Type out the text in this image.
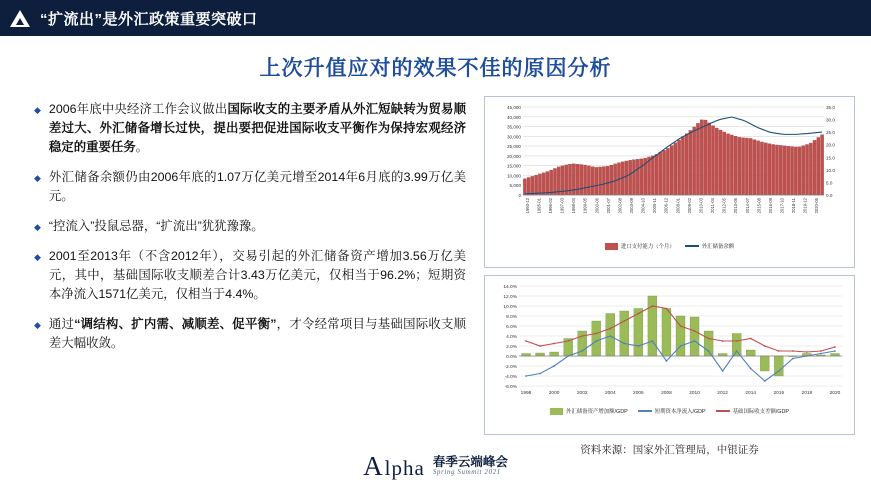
“扩流出”是外汇政策重要突破口
上次升值应对的效果不佳的原因分析
◆ 2006年底中央经济工作会议做出国际收支的主要矛盾从外汇短缺转为贸易顺差过大、外汇储备增长过快，提出要把促进国际收支平衡作为保持宏观经济稳定的重要任务。
◆ 外汇储备余额仍由2006年底的1.07万亿美元增至2014年6月底的3.99万亿美元。
◆ “控流入”投鼠忌器，“扩流出”犹犹豫豫。
◆ 2001至2013年（不含2012年），交易引起的外汇储备资产增加3.56万亿美元，其中，基础国际收支顺差合计3.43万亿美元，仅相当于96.2%；短期资本净流入1571亿美元，仅相当于4.4%。
◆ 通过“调结构、扩内需、减顺差、促平衡”，才令经常项目与基础国际收支顺差大幅收敛。
45,000
40,000
35,000
30,000
25,000
20,000
15,000
10,000
5,000
0
35.0
30.0
25.0
20.0
15.0
10.0
5.0
0.0
1993-12 1995-01 1996-02 1997-03 1998-04 1999-05 2000-06 2001-07 2002-08 2003-09 2004-10 2005-11 2006-12 2008-01 2009-02 2010-03 2011-04 2012-05 2013-06 2014-07 2015-08 2016-09 2017-10 2018-11 2019-12 2020-05
进口支付能力（个月）	外汇储备余额
14.0%
12.0%
10.0%
8.0%
6.0%
4.0%
2.0%
0.0%
-2.0%
-4.0%
-6.0%
1998	2000	2002	2004	2006	2008	2010	2012	2014	2016	2018	2020
外汇储备资产增加额/GDP	短期资本净流入/GDP	基础国际收支差额/GDP
资料来源：国家外汇管理局，中银证券
A lpha 春季云端峰会
Spring Summit 2021
